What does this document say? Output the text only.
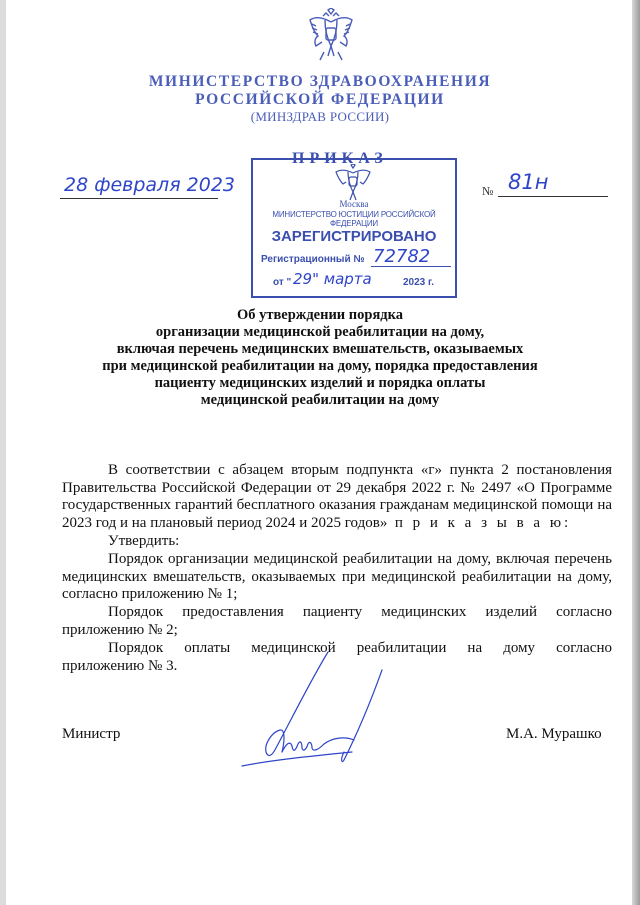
МИНИСТЕРСТВО ЗДРАВООХРАНЕНИЯ
РОССИЙСКОЙ ФЕДЕРАЦИИ
(МИНЗДРАВ РОССИИ)
ПРИКАЗ
28 февраля 2023	№ 81н
Москва
МИНИСТЕРСТВО ЮСТИЦИИ РОССИЙСКОЙ ФЕДЕРАЦИИ
ЗАРЕГИСТРИРОВАНО
Регистрационный № 72782
от " 29" марта	2023 г.
Об утверждении порядка
организации медицинской реабилитации на дому,
включая перечень медицинских вмешательств, оказываемых
при медицинской реабилитации на дому, порядка предоставления
пациенту медицинских изделий и порядка оплаты
медицинской реабилитации на дому
В соответствии с абзацем вторым подпункта «г» пункта 2 постановления Правительства Российской Федерации от 29 декабря 2022 г. № 2497 «О Программе государственных гарантий бесплатного оказания гражданам медицинской помощи на 2023 год и на плановый период 2024 и 2025 годов» п р и к а з ы в а ю:
Утвердить:
Порядок организации медицинской реабилитации на дому, включая перечень медицинских вмешательств, оказываемых при медицинской реабилитации на дому, согласно приложению № 1;
Порядок предоставления пациенту медицинских изделий согласно
приложению № 2;
Порядок оплаты медицинской реабилитации на дому согласно
приложению № 3.
Министр	М.А. Мурашко
